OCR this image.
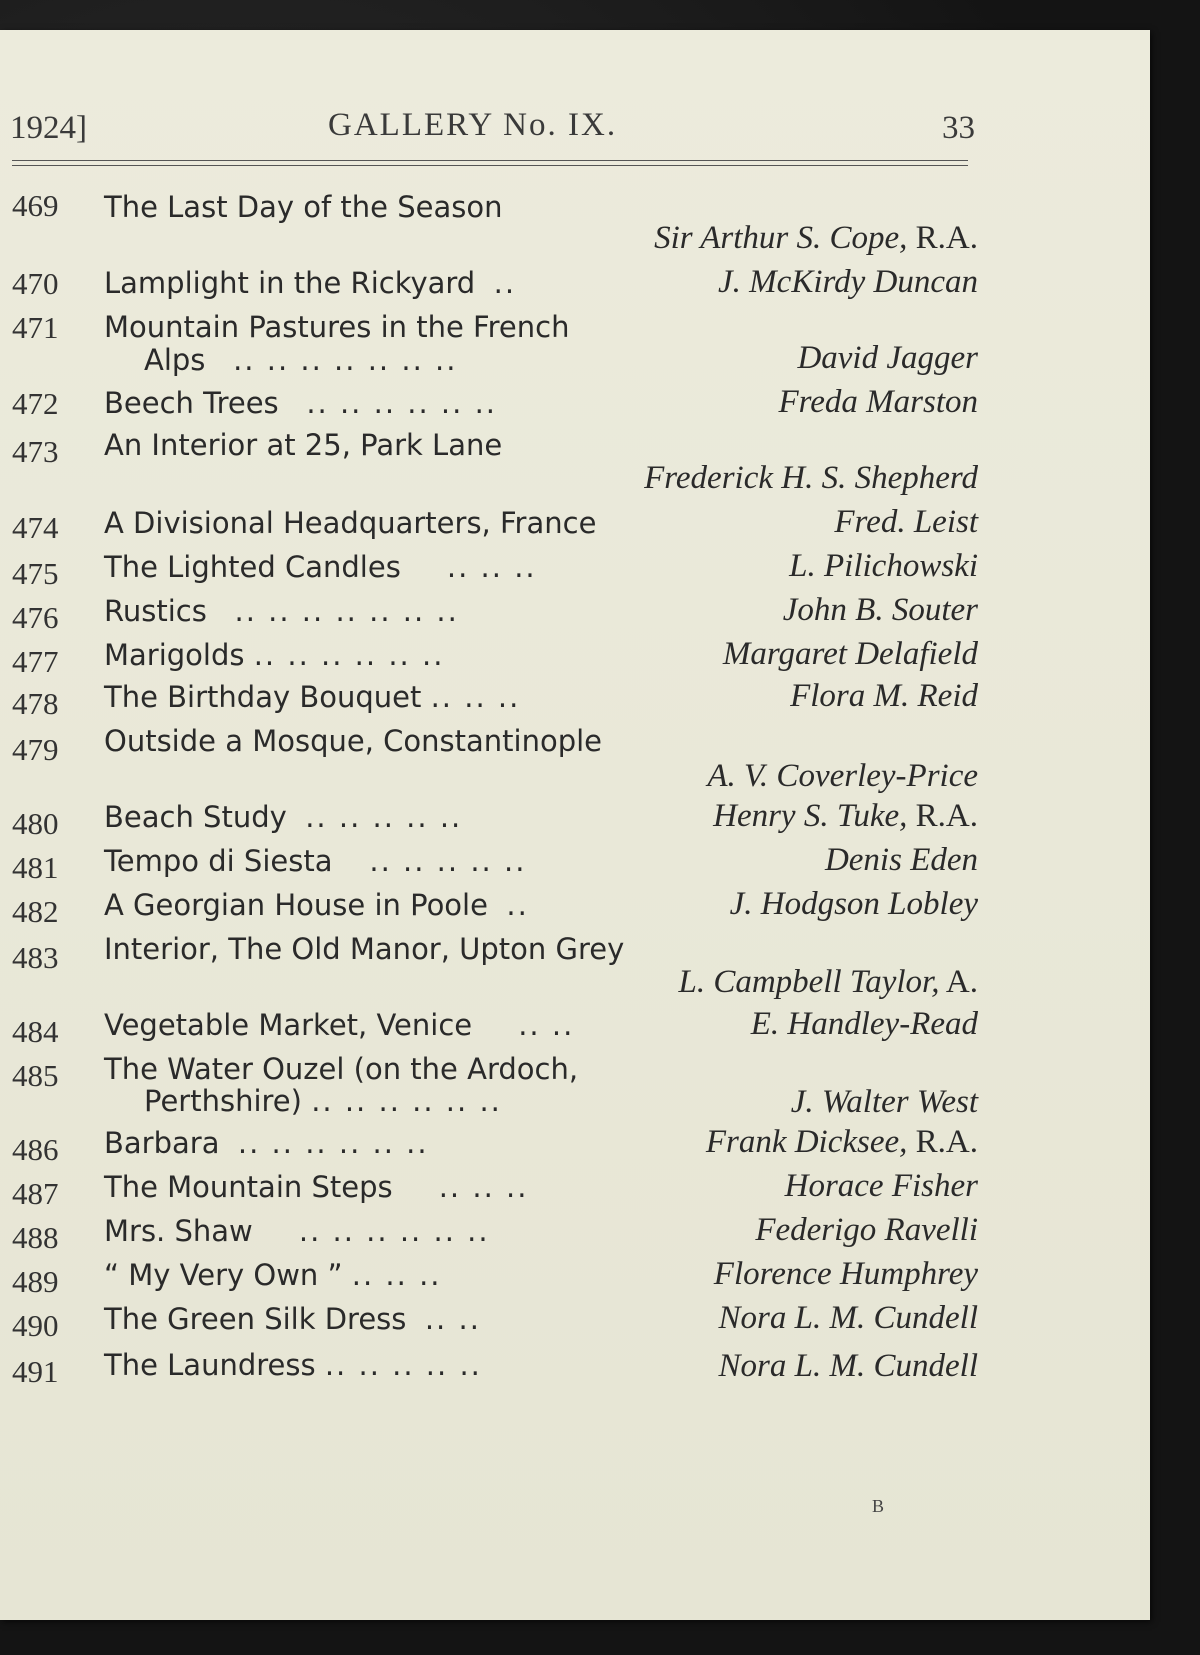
1924]	GALLERY No. IX.	33
469 The Last Day of the Season
Sir Arthur S. Cope, R.A.
470 Lamplight in the Rickyard ..	J. McKirdy Duncan
471 Mountain Pastures in the French
Alps .. .. .. .. .. .. ..	David Jagger
472 Beech Trees .. .. .. .. .. ..	Freda Marston
473 An Interior at 25, Park Lane
Frederick H. S. Shepherd
474 A Divisional Headquarters, France	Fred. Leist
475 The Lighted Candles .. .. ..	L. Pilichowski
476 Rustics .. .. .. .. .. .. ..	John B. Souter
477 Marigolds .. .. .. .. .. ..	Margaret Delafield
478 The Birthday Bouquet .. .. ..	Flora M. Reid
479 Outside a Mosque, Constantinople
A. V. Coverley-Price
480 Beach Study .. .. .. .. ..	Henry S. Tuke, R.A.
481 Tempo di Siesta .. .. .. .. ..	Denis Eden
482 A Georgian House in Poole ..	J. Hodgson Lobley
483 Interior, The Old Manor, Upton Grey
L. Campbell Taylor, A.
484 Vegetable Market, Venice .. ..	E. Handley-Read
485 The Water Ouzel (on the Ardoch,
Perthshire) .. .. .. .. .. ..	J. Walter West
486 Barbara .. .. .. .. .. ..	Frank Dicksee, R.A.
487 The Mountain Steps .. .. ..	Horace Fisher
488 Mrs. Shaw .. .. .. .. .. ..	Federigo Ravelli
489 “ My Very Own ” .. .. ..	Florence Humphrey
490 The Green Silk Dress .. ..	Nora L. M. Cundell
491 The Laundress .. .. .. .. ..	Nora L. M. Cundell
B
